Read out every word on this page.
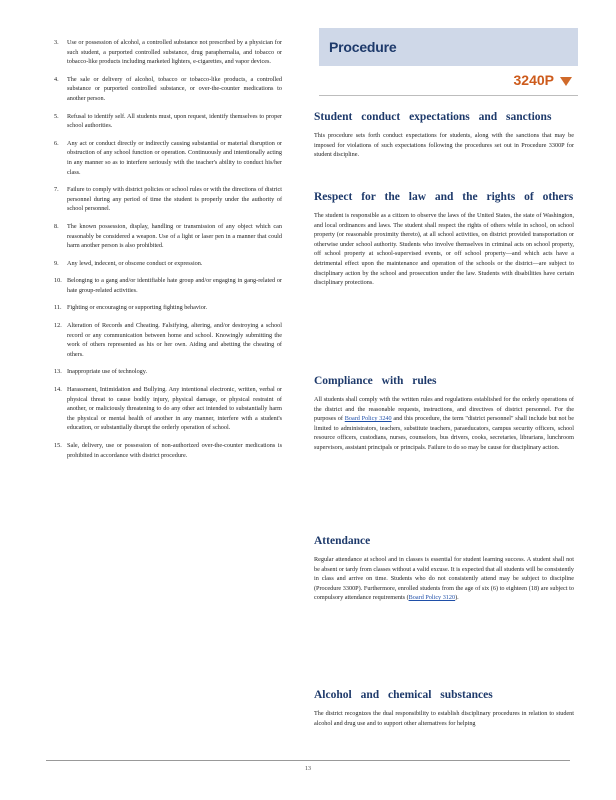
3.	Use or possession of alcohol, a controlled substance not prescribed by a physician for such student, a purported controlled substance, drug paraphernalia, and tobacco or tobacco-like products including marketed lighters, e-cigarettes, and vapor devices.
4.	The sale or delivery of alcohol, tobacco or tobacco-like products, a controlled substance or purported controlled substance, or over-the-counter medications to another person.
5.	Refusal to identify self. All students must, upon request, identify themselves to proper school authorities.
6.	Any act or conduct directly or indirectly causing substantial or material disruption or obstruction of any school function or operation. Continuously and intentionally acting in any manner so as to interfere seriously with the teacher's ability to conduct his/her class.
7.	Failure to comply with district policies or school rules or with the directions of district personnel during any period of time the student is properly under the authority of school personnel.
8.	The known possession, display, handling or transmission of any object which can reasonably be considered a weapon. Use of a light or laser pen in a manner that could harm another person is also prohibited.
9.	Any lewd, indecent, or obscene conduct or expression.
10. Belonging to a gang and/or identifiable hate group and/or engaging in gang-related or hate group-related activities.
11. Fighting or encouraging or supporting fighting behavior.
12. Alteration of Records and Cheating. Falsifying, altering, and/or destroying a school record or any communication between home and school. Knowingly submitting the work of others represented as his or her own. Aiding and abetting the cheating of others.
13. Inappropriate use of technology.
14. Harassment, Intimidation and Bullying. Any intentional electronic, written, verbal or physical threat to cause bodily injury, physical damage, or physical restraint of another, or maliciously threatening to do any other act intended to substantially harm the physical or mental health of another in any manner, interfere with a student's education, or substantially disrupt the orderly operation of school.
15. Sale, delivery, use or possession of non-authorized over-the-counter medications is prohibited in accordance with district procedure.
Procedure
3240P
Student conduct expectations and sanctions
This procedure sets forth conduct expectations for students, along with the sanctions that may be imposed for violations of such expectations following the procedures set out in Procedure 3300P for student discipline.
Respect for the law and the rights of others
The student is responsible as a citizen to observe the laws of the United States, the state of Washington, and local ordinances and laws. The student shall respect the rights of others while in school, on school property (or reasonable proximity thereto), at all school activities, on district provided transportation or otherwise under school authority. Students who involve themselves in criminal acts on school property, off school property at school-supervised events, or off school property—and which acts have a detrimental effect upon the maintenance and operation of the schools or the district—are subject to disciplinary action by the school and prosecution under the law. Students with disabilities have certain disciplinary protections.
Compliance with rules
All students shall comply with the written rules and regulations established for the orderly operations of the district and the reasonable requests, instructions, and directives of district personnel. For the purposes of Board Policy 3240 and this procedure, the term "district personnel" shall include but not be limited to administrators, teachers, substitute teachers, paraeducators, campus security officers, school resource officers, custodians, nurses, counselors, bus drivers, cooks, secretaries, librarians, lunchroom supervisors, assistant principals or principals. Failure to do so may be cause for disciplinary action.
Attendance
Regular attendance at school and in classes is essential for student learning success. A student shall not be absent or tardy from classes without a valid excuse. It is expected that all students will be consistently in class and arrive on time. Students who do not consistently attend may be subject to discipline (Procedure 3300P). Furthermore, enrolled students from the age of six (6) to eighteen (18) are subject to compulsory attendance requirements (Board Policy 3120).
Alcohol and chemical substances
The district recognizes the dual responsibility to establish disciplinary procedures in relation to student alcohol and drug use and to support other alternatives for helping
13
